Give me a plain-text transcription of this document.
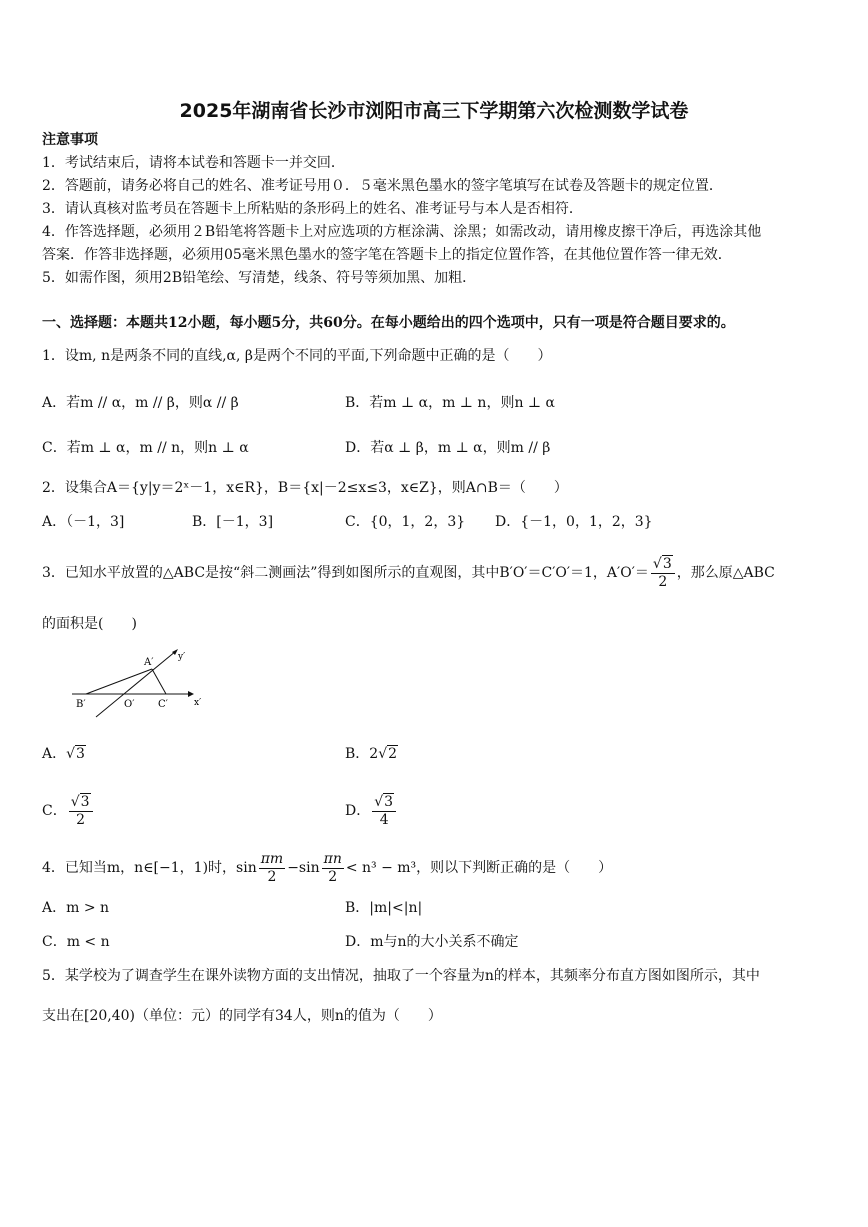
2025年湖南省长沙市浏阳市高三下学期第六次检测数学试卷
注意事项
1．考试结束后，请将本试卷和答题卡一并交回．
2．答题前，请务必将自己的姓名、准考证号用０．５毫米黑色墨水的签字笔填写在试卷及答题卡的规定位置．
3．请认真核对监考员在答题卡上所粘贴的条形码上的姓名、准考证号与本人是否相符．
4．作答选择题，必须用２B铅笔将答题卡上对应选项的方框涂满、涂黑；如需改动，请用橡皮擦干净后，再选涂其他
答案．作答非选择题，必须用05毫米黑色墨水的签字笔在答题卡上的指定位置作答，在其他位置作答一律无效．
5．如需作图，须用2B铅笔绘、写清楚，线条、符号等须加黑、加粗．
一、选择题：本题共12小题，每小题5分，共60分。在每小题给出的四个选项中，只有一项是符合题目要求的。
1．设m, n是两条不同的直线,α, β是两个不同的平面,下列命题中正确的是（　　）
A．若m // α，m // β，则α // β	B．若m ⊥ α，m ⊥ n，则n ⊥ α
C．若m ⊥ α，m // n，则n ⊥ α	D．若α ⊥ β，m ⊥ α，则m // β
2．设集合A＝{y|y＝2ˣ－1，x∈R}，B＝{x|－2≤x≤3，x∈Z}，则A∩B＝（　　）
A．（－1，3]	B．[－1，3]	C．{0，1，2，3} D．{－1，0，1，2，3}
3．已知水平放置的△ABC是按“斜二测画法”得到如图所示的直观图，其中B′O′＝C′O′＝1，$A'O'= \frac{√3}{2}$ ，那么原△ABC
的面积是(　　)
A′
B′	O′ C′	x′
y′
A． √3	B．2 √2
C． $\frac{√3}{2}$	D． $\frac{√3}{4}$
4．已知当m，n∈[−1，1)时，$\sin \frac{\pi m}{2} -\sin \frac{\pi n}{2} < n^3 - m^3$，则以下判断正确的是（　　）
A．m > n	B．|m|<|n|
C．m < n	D．m与n的大小关系不确定
5．某学校为了调查学生在课外读物方面的支出情况，抽取了一个容量为n的样本，其频率分布直方图如图所示，其中
支出在[20,40)（单位：元）的同学有34人，则n的值为（　　）
